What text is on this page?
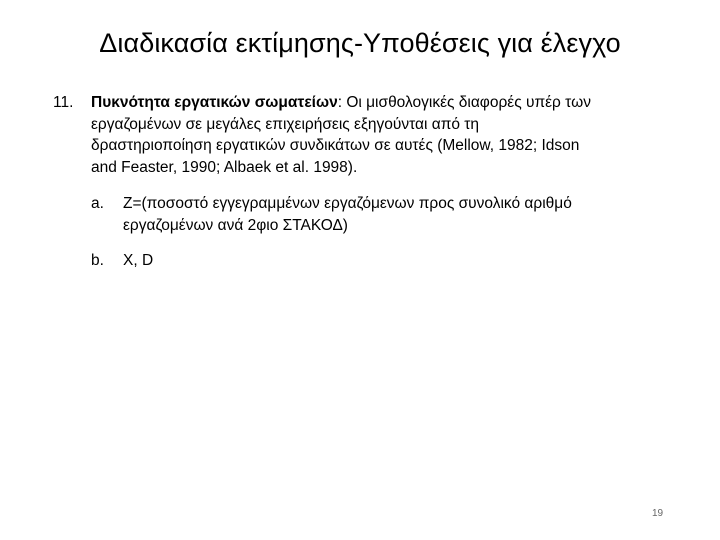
Διαδικασία εκτίμησης-Υποθέσεις για έλεγχο
11. Πυκνότητα εργατικών σωματείων: Οι μισθολογικές διαφορές υπέρ των
εργαζομένων σε μεγάλες επιχειρήσεις εξηγούνται από τη
δραστηριοποίηση εργατικών συνδικάτων σε αυτές (Mellow, 1982; Idson
and Feaster, 1990; Albaek et al. 1998).
a. Z=(ποσοστό εγγεγραμμένων εργαζόμενων προς συνολικό αριθμό
εργαζομένων ανά 2φιο ΣΤΑΚΟΔ)
b. X, D
19
